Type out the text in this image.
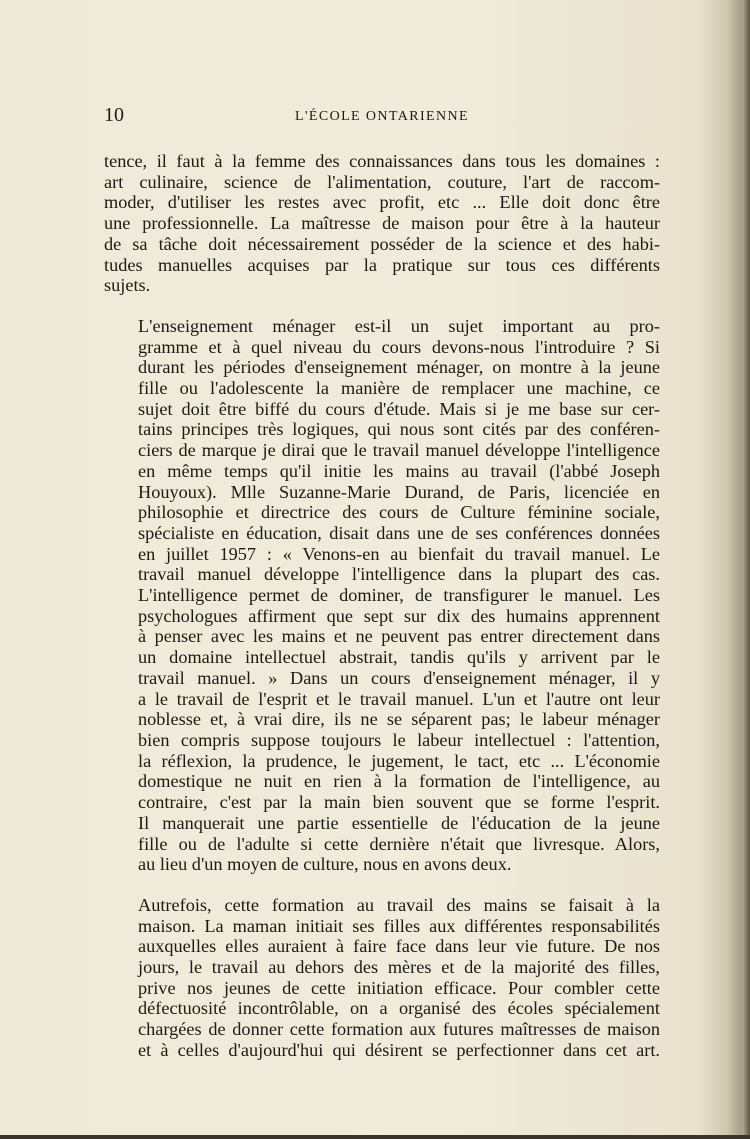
10	L'ÉCOLE ONTARIENNE
tence, il faut à la femme des connaissances dans tous les domaines :
art culinaire, science de l'alimentation, couture, l'art de raccom-
moder, d'utiliser les restes avec profit, etc ... Elle doit donc être
une professionnelle. La maîtresse de maison pour être à la hauteur
de sa tâche doit nécessairement posséder de la science et des habi-
tudes manuelles acquises par la pratique sur tous ces différents
sujets.
L'enseignement ménager est-il un sujet important au pro-
gramme et à quel niveau du cours devons-nous l'introduire ? Si
durant les périodes d'enseignement ménager, on montre à la jeune
fille ou l'adolescente la manière de remplacer une machine, ce
sujet doit être biffé du cours d'étude. Mais si je me base sur cer-
tains principes très logiques, qui nous sont cités par des conféren-
ciers de marque je dirai que le travail manuel développe l'intelligence
en même temps qu'il initie les mains au travail (l'abbé Joseph
Houyoux). Mlle Suzanne-Marie Durand, de Paris, licenciée en
philosophie et directrice des cours de Culture féminine sociale,
spécialiste en éducation, disait dans une de ses conférences données
en juillet 1957 : « Venons-en au bienfait du travail manuel. Le
travail manuel développe l'intelligence dans la plupart des cas.
L'intelligence permet de dominer, de transfigurer le manuel. Les
psychologues affirment que sept sur dix des humains apprennent
à penser avec les mains et ne peuvent pas entrer directement dans
un domaine intellectuel abstrait, tandis qu'ils y arrivent par le
travail manuel. » Dans un cours d'enseignement ménager, il y
a le travail de l'esprit et le travail manuel. L'un et l'autre ont leur
noblesse et, à vrai dire, ils ne se séparent pas; le labeur ménager
bien compris suppose toujours le labeur intellectuel : l'attention,
la réflexion, la prudence, le jugement, le tact, etc ... L'économie
domestique ne nuit en rien à la formation de l'intelligence, au
contraire, c'est par la main bien souvent que se forme l'esprit.
Il manquerait une partie essentielle de l'éducation de la jeune
fille ou de l'adulte si cette dernière n'était que livresque. Alors,
au lieu d'un moyen de culture, nous en avons deux.
Autrefois, cette formation au travail des mains se faisait à la
maison. La maman initiait ses filles aux différentes responsabilités
auxquelles elles auraient à faire face dans leur vie future. De nos
jours, le travail au dehors des mères et de la majorité des filles,
prive nos jeunes de cette initiation efficace. Pour combler cette
défectuosité incontrôlable, on a organisé des écoles spécialement
chargées de donner cette formation aux futures maîtresses de maison
et à celles d'aujourd'hui qui désirent se perfectionner dans cet art.
